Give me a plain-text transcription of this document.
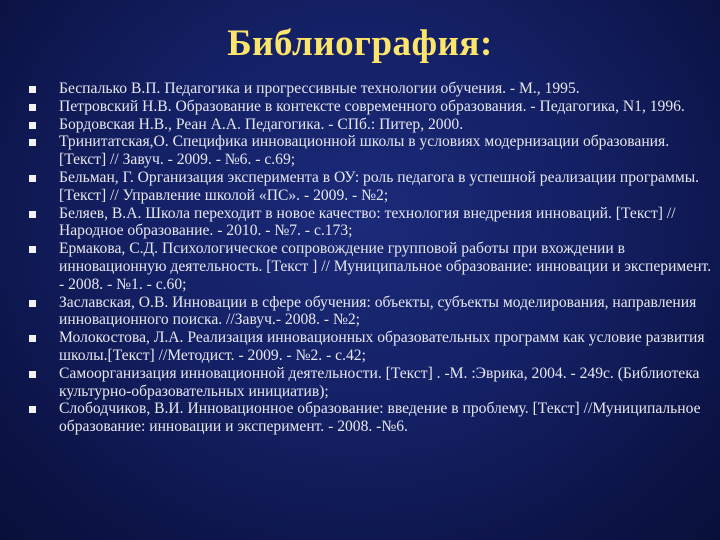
Библиография:
Беспалько В.П. Педагогика и прогрессивные технологии обучения. - М., 1995.
Петровский Н.В. Образование в контексте современного образования. - Педагогика, N1, 1996.
Бордовская Н.В., Реан А.А. Педагогика. - СПб.: Питер, 2000.
Тринитатская,О. Специфика инновационной школы в условиях модернизации образования.[Текст] // Завуч. - 2009. - №6. - с.69;
Бельман, Г. Организация эксперимента в ОУ: роль педагога в успешной реализации программы. [Текст] // Управление школой «ПС». - 2009. - №2;
Беляев, В.А. Школа переходит в новое качество: технология внедрения инноваций. [Текст] // Народное образование. - 2010. - №7. - с.173;
Ермакова, С.Д. Психологическое сопровождение групповой работы при вхождении в инновационную деятельность. [Текст ] // Муниципальное образование: инновации и эксперимент. - 2008. - №1. - с.60;
Заславская, О.В. Инновации в сфере обучения: объекты, субъекты моделирования, направления инновационного поиска. //Завуч.- 2008. - №2;
Молокостова, Л.А. Реализация инновационных образовательных программ как условие развития школы.[Текст] //Методист. - 2009. - №2. - с.42;
Самоорганизация инновационной деятельности. [Текст] . -М. :Эврика, 2004. - 249с. (Библиотека культурно-образовательных инициатив);
Слободчиков, В.И. Инновационное образование: введение в проблему. [Текст] //Муниципальное образование: инновации и эксперимент. - 2008. -№6.
